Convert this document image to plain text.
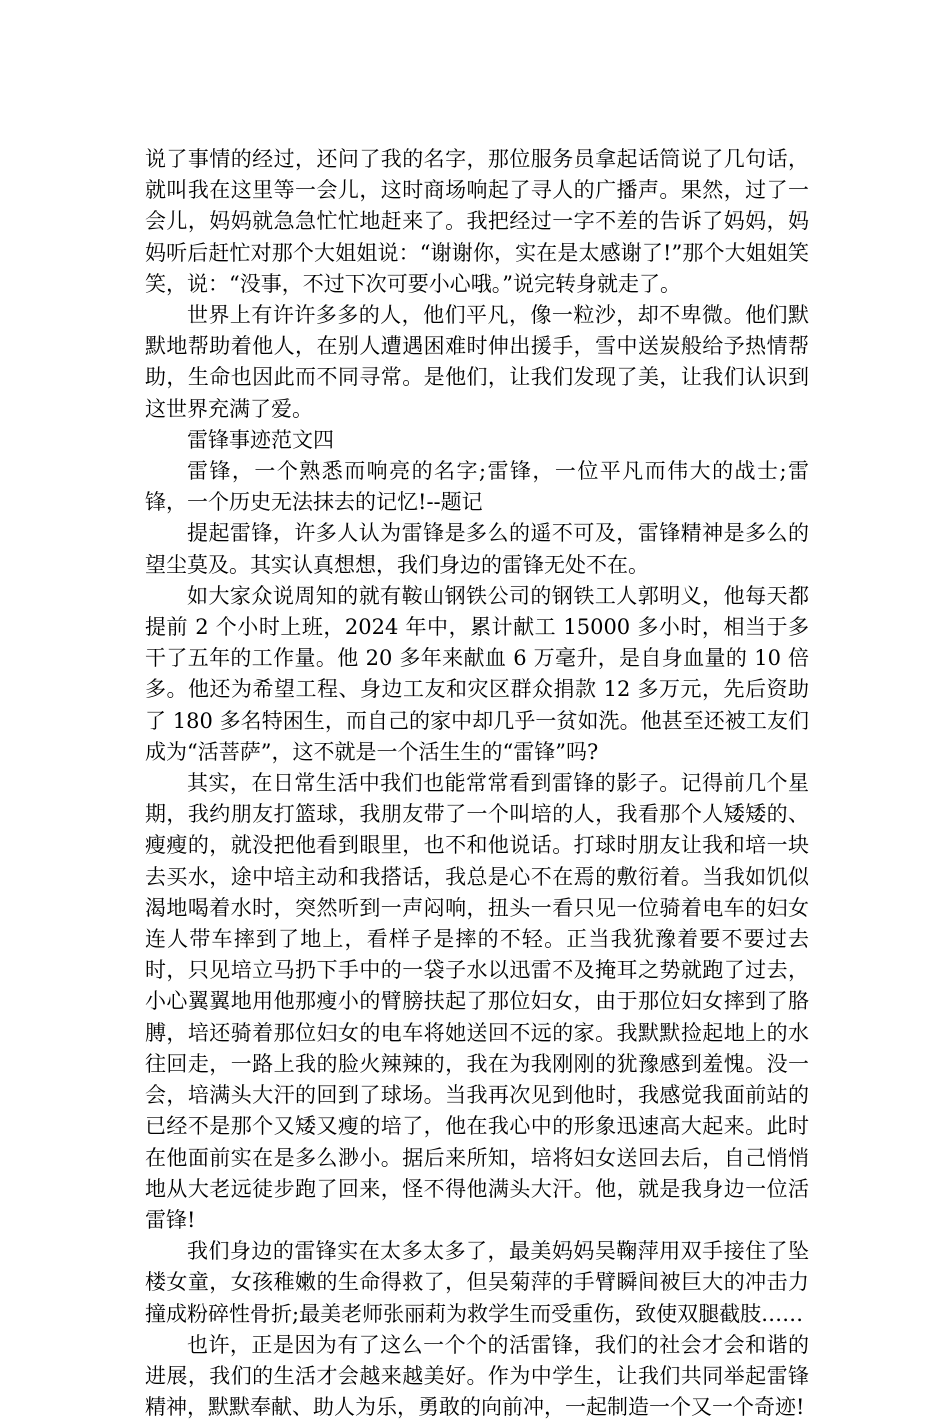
说了事情的经过，还问了我的名字，那位服务员拿起话筒说了几句话，就叫我在这里等一会儿，这时商场响起了寻人的广播声。果然，过了一会儿，妈妈就急急忙忙地赶来了。我把经过一字不差的告诉了妈妈，妈妈听后赶忙对那个大姐姐说：“谢谢你，实在是太感谢了!”那个大姐姐笑笑，说：“没事，不过下次可要小心哦。”说完转身就走了。

世界上有许许多多的人，他们平凡，像一粒沙，却不卑微。他们默默地帮助着他人，在别人遭遇困难时伸出援手，雪中送炭般给予热情帮助，生命也因此而不同寻常。是他们，让我们发现了美，让我们认识到这世界充满了爱。

雷锋事迹范文四

雷锋，一个熟悉而响亮的名字;雷锋，一位平凡而伟大的战士;雷锋，一个历史无法抹去的记忆!--题记

提起雷锋，许多人认为雷锋是多么的遥不可及，雷锋精神是多么的望尘莫及。其实认真想想，我们身边的雷锋无处不在。

如大家众说周知的就有鞍山钢铁公司的钢铁工人郭明义，他每天都提前 2 个小时上班，2024 年中，累计献工 15000 多小时，相当于多干了五年的工作量。他 20 多年来献血 6 万毫升，是自身血量的 10 倍多。他还为希望工程、身边工友和灾区群众捐款 12 多万元，先后资助了 180 多名特困生，而自己的家中却几乎一贫如洗。他甚至还被工友们成为“活菩萨”，这不就是一个活生生的“雷锋”吗?

其实，在日常生活中我们也能常常看到雷锋的影子。记得前几个星期，我约朋友打篮球，我朋友带了一个叫培的人，我看那个人矮矮的、瘦瘦的，就没把他看到眼里，也不和他说话。打球时朋友让我和培一块去买水，途中培主动和我搭话，我总是心不在焉的敷衍着。当我如饥似渴地喝着水时，突然听到一声闷响，扭头一看只见一位骑着电车的妇女连人带车摔到了地上，看样子是摔的不轻。正当我犹豫着要不要过去时，只见培立马扔下手中的一袋子水以迅雷不及掩耳之势就跑了过去，小心翼翼地用他那瘦小的臂膀扶起了那位妇女，由于那位妇女摔到了胳膊，培还骑着那位妇女的电车将她送回不远的家。我默默捡起地上的水往回走，一路上我的脸火辣辣的，我在为我刚刚的犹豫感到羞愧。没一会，培满头大汗的回到了球场。当我再次见到他时，我感觉我面前站的已经不是那个又矮又瘦的培了，他在我心中的形象迅速高大起来。此时在他面前实在是多么渺小。据后来所知，培将妇女送回去后，自己悄悄地从大老远徒步跑了回来，怪不得他满头大汗。他，就是我身边一位活雷锋!

我们身边的雷锋实在太多太多了，最美妈妈吴鞠萍用双手接住了坠楼女童，女孩稚嫩的生命得救了，但吴菊萍的手臂瞬间被巨大的冲击力撞成粉碎性骨折;最美老师张丽莉为救学生而受重伤，致使双腿截肢……

也许，正是因为有了这么一个个的活雷锋，我们的社会才会和谐的进展，我们的生活才会越来越美好。作为中学生，让我们共同举起雷锋精神，默默奉献、助人为乐，勇敢的向前冲，一起制造一个又一个奇迹!
